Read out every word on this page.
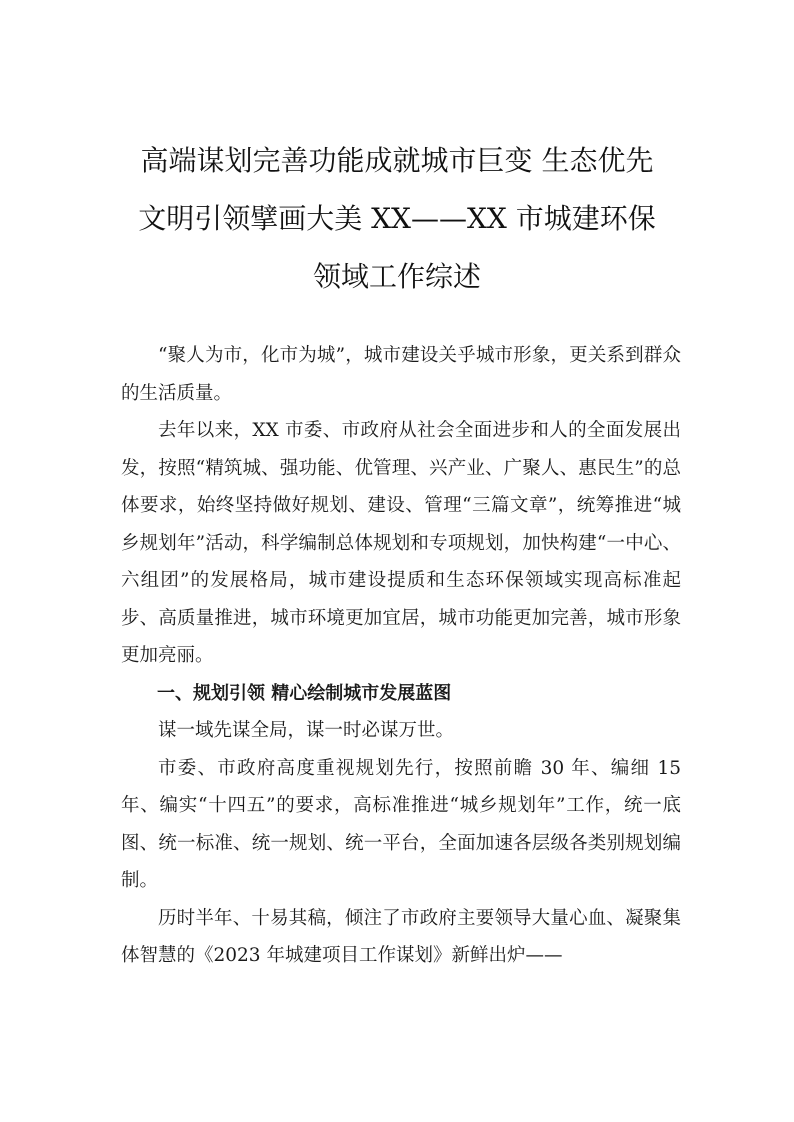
高端谋划完善功能成就城市巨变 生态优先
文明引领擘画大美 XX——XX 市城建环保
领域工作综述

“聚人为市，化市为城”，城市建设关乎城市形象，更关系到群众的生活质量。

去年以来，XX 市委、市政府从社会全面进步和人的全面发展出发，按照“精筑城、强功能、优管理、兴产业、广聚人、惠民生”的总体要求，始终坚持做好规划、建设、管理“三篇文章”，统筹推进“城乡规划年”活动，科学编制总体规划和专项规划，加快构建“一中心、六组团”的发展格局，城市建设提质和生态环保领域实现高标准起步、高质量推进，城市环境更加宜居，城市功能更加完善，城市形象更加亮丽。

一、规划引领 精心绘制城市发展蓝图

谋一域先谋全局，谋一时必谋万世。

市委、市政府高度重视规划先行，按照前瞻 30 年、编细 15 年、编实“十四五”的要求，高标准推进“城乡规划年”工作，统一底图、统一标准、统一规划、统一平台，全面加速各层级各类别规划编制。

历时半年、十易其稿，倾注了市政府主要领导大量心血、凝聚集体智慧的《2023 年城建项目工作谋划》新鲜出炉——
